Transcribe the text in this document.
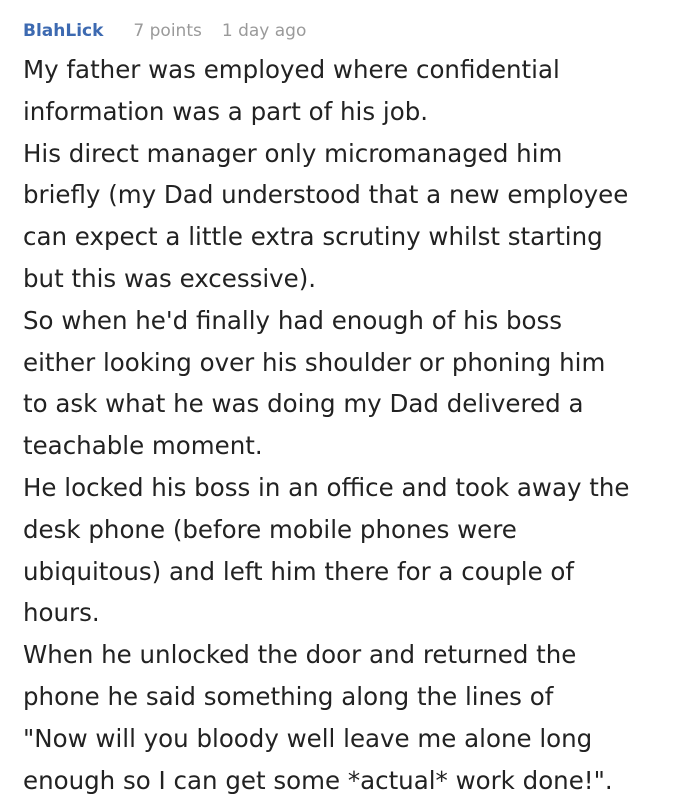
BlahLick 7 points 1 day ago

My father was employed where confidential

information was a part of his job.

His direct manager only micromanaged him

briefly (my Dad understood that a new employee

can expect a little extra scrutiny whilst starting

but this was excessive).

So when he'd finally had enough of his boss

either looking over his shoulder or phoning him

to ask what he was doing my Dad delivered a

teachable moment.

He locked his boss in an office and took away the

desk phone (before mobile phones were

ubiquitous) and left him there for a couple of

hours.

When he unlocked the door and returned the

phone he said something along the lines of

"Now will you bloody well leave me alone long

enough so I can get some *actual* work done!".
